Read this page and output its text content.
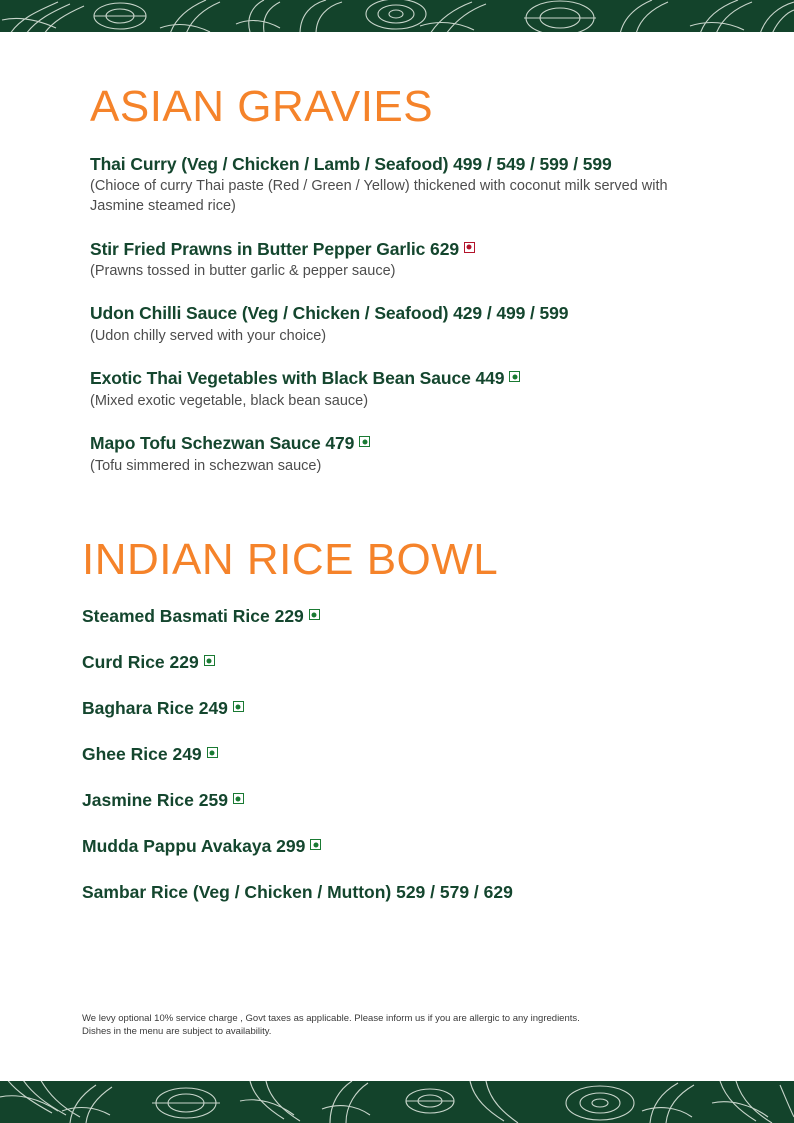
ASIAN GRAVIES

Thai Curry (Veg / Chicken / Lamb / Seafood) 499 / 549 / 599 / 599

(Chioce of curry Thai paste (Red / Green / Yellow) thickened with coconut milk served with Jasmine steamed rice)

Stir Fried Prawns in Butter Pepper Garlic 629

(Prawns tossed in butter garlic & pepper sauce)

Udon Chilli Sauce (Veg / Chicken / Seafood) 429 / 499 / 599

(Udon chilly served with your choice)

Exotic Thai Vegetables with Black Bean Sauce 449

(Mixed exotic vegetable, black bean sauce)

Mapo Tofu Schezwan Sauce 479

(Tofu simmered in schezwan sauce)

INDIAN RICE BOWL
Steamed Basmati Rice 229
Curd Rice 229
Baghara Rice 249
Ghee Rice 249
Jasmine Rice 259
Mudda Pappu Avakaya 299
Sambar Rice (Veg / Chicken / Mutton) 529 / 579 / 629
We levy optional 10% service charge , Govt taxes as applicable. Please inform us if you are allergic to any ingredients.
Dishes in the menu are subject to availability.
